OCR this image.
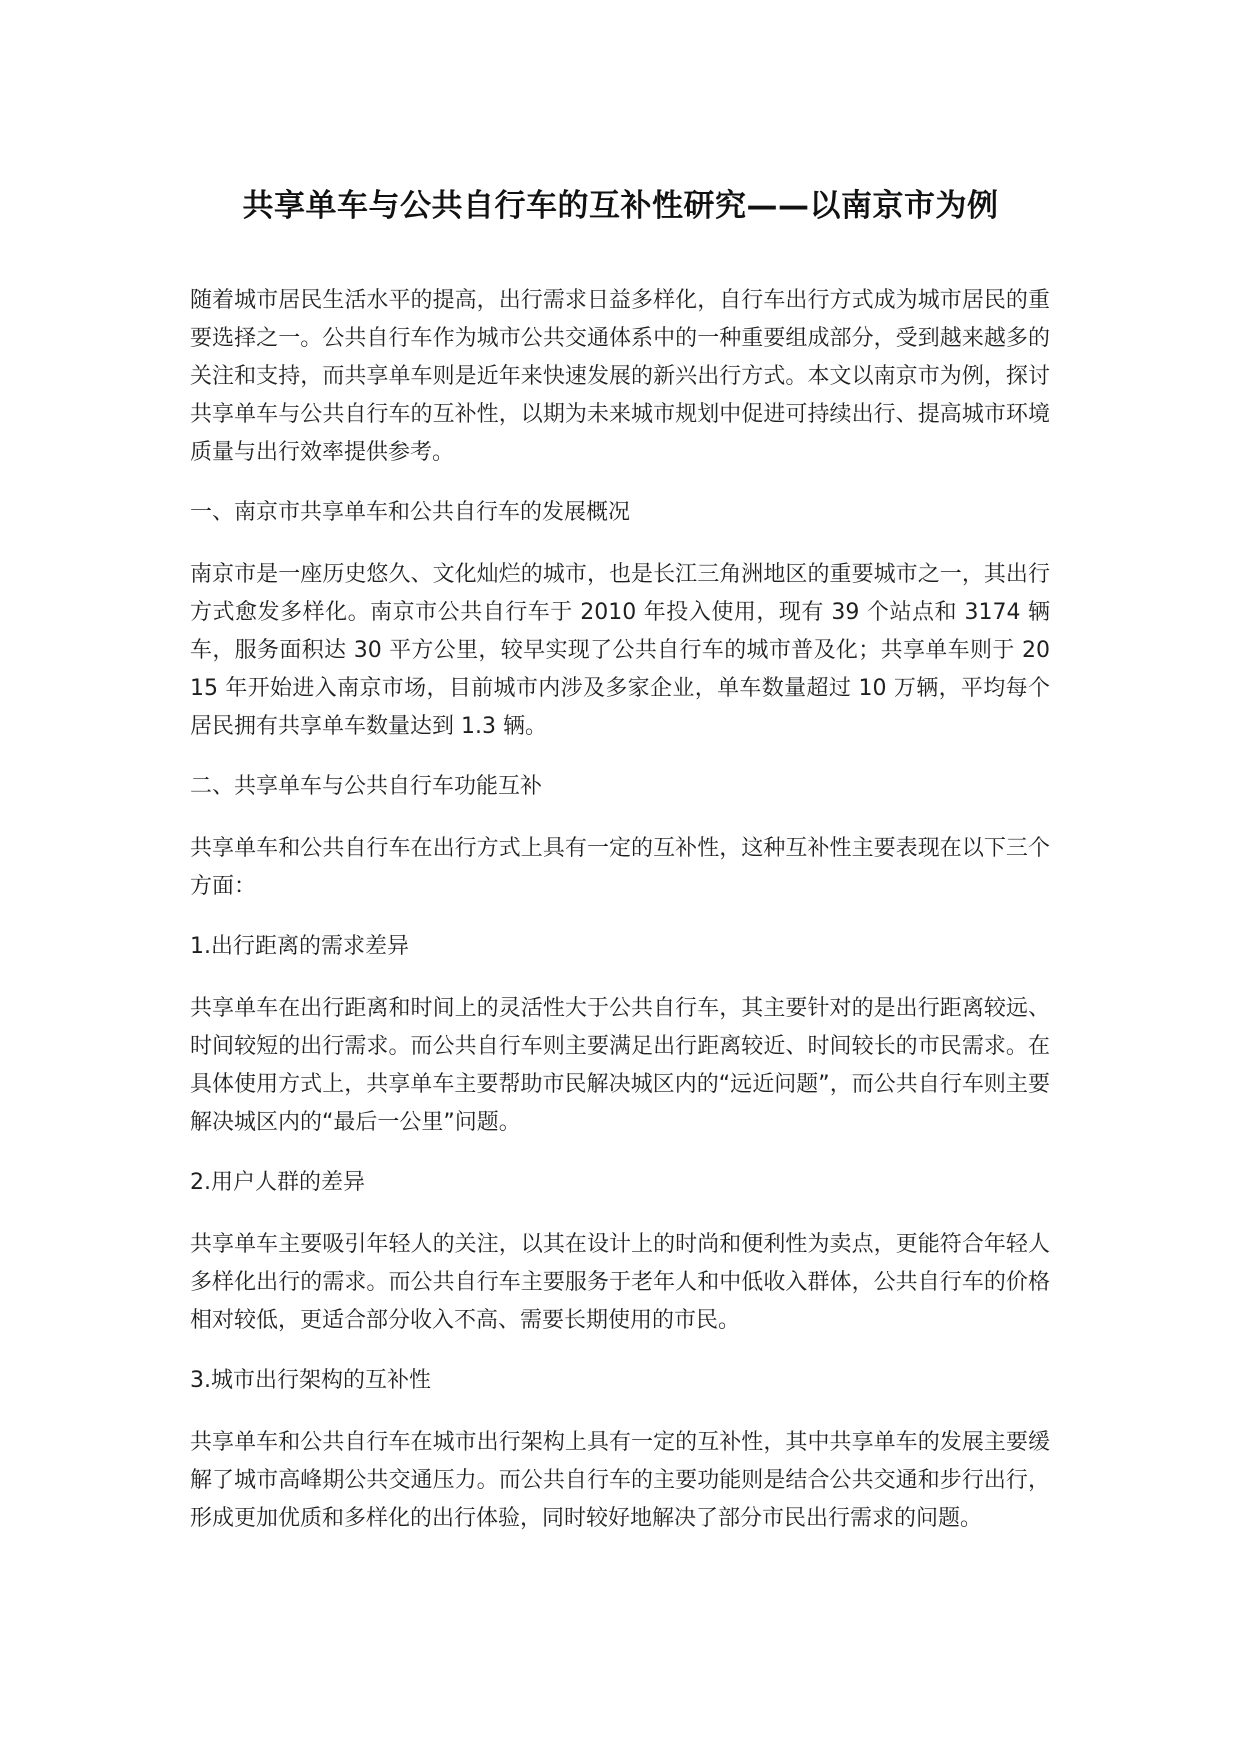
共享单车与公共自行车的互补性研究——以南京市为例

随着城市居民生活水平的提高，出行需求日益多样化，自行车出行方式成为城市居民的重要选择之一。公共自行车作为城市公共交通体系中的一种重要组成部分，受到越来越多的关注和支持，而共享单车则是近年来快速发展的新兴出行方式。本文以南京市为例，探讨共享单车与公共自行车的互补性，以期为未来城市规划中促进可持续出行、提高城市环境质量与出行效率提供参考。

一、南京市共享单车和公共自行车的发展概况

南京市是一座历史悠久、文化灿烂的城市，也是长江三角洲地区的重要城市之一，其出行方式愈发多样化。南京市公共自行车于 2010 年投入使用，现有 39 个站点和 3174 辆车，服务面积达 30 平方公里，较早实现了公共自行车的城市普及化；共享单车则于 2015 年开始进入南京市场，目前城市内涉及多家企业，单车数量超过 10 万辆，平均每个居民拥有共享单车数量达到 1.3 辆。

二、共享单车与公共自行车功能互补

共享单车和公共自行车在出行方式上具有一定的互补性，这种互补性主要表现在以下三个方面：

1.出行距离的需求差异

共享单车在出行距离和时间上的灵活性大于公共自行车，其主要针对的是出行距离较远、时间较短的出行需求。而公共自行车则主要满足出行距离较近、时间较长的市民需求。在具体使用方式上，共享单车主要帮助市民解决城区内的“远近问题”，而公共自行车则主要解决城区内的“最后一公里”问题。

2.用户人群的差异

共享单车主要吸引年轻人的关注，以其在设计上的时尚和便利性为卖点，更能符合年轻人多样化出行的需求。而公共自行车主要服务于老年人和中低收入群体，公共自行车的价格相对较低，更适合部分收入不高、需要长期使用的市民。

3.城市出行架构的互补性

共享单车和公共自行车在城市出行架构上具有一定的互补性，其中共享单车的发展主要缓解了城市高峰期公共交通压力。而公共自行车的主要功能则是结合公共交通和步行出行，形成更加优质和多样化的出行体验，同时较好地解决了部分市民出行需求的问题。
